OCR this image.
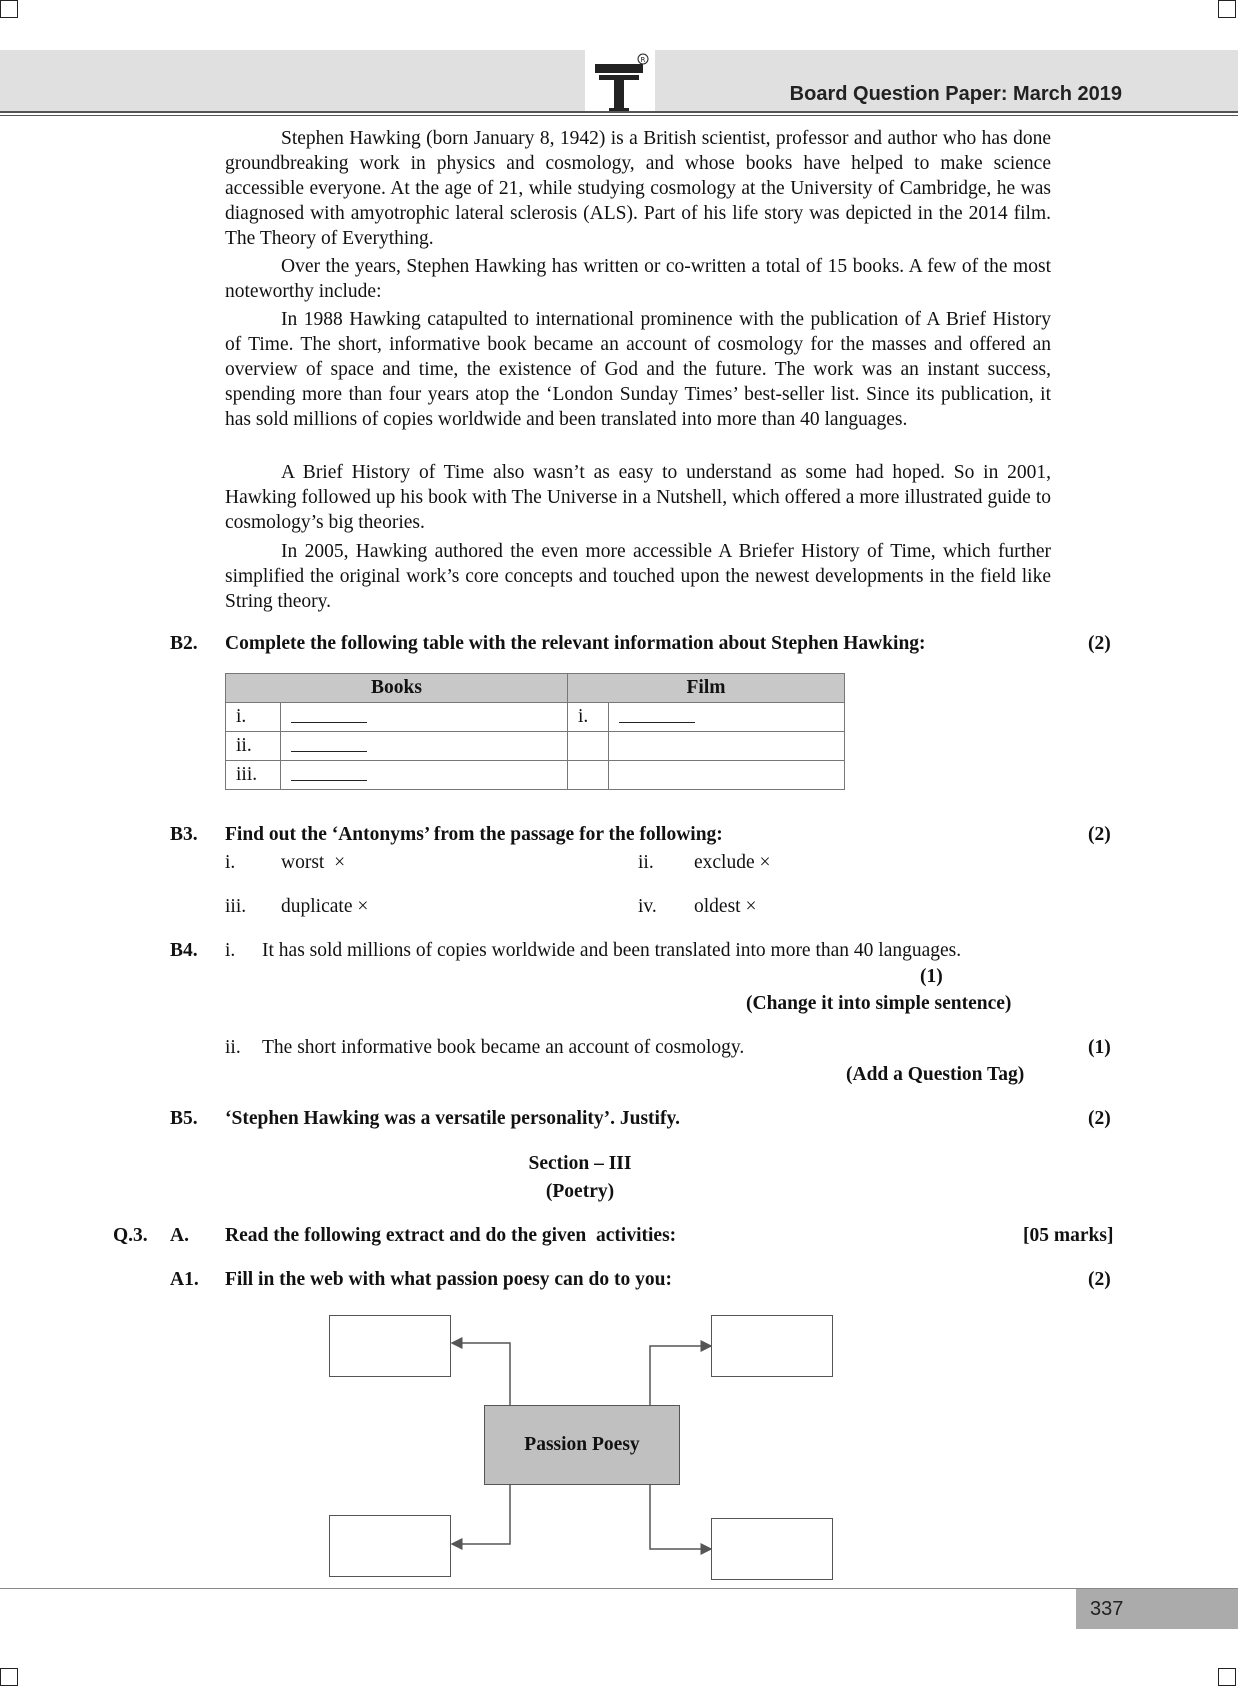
R
Board Question Paper: March 2019

Stephen Hawking (born January 8, 1942) is a British scientist, professor and author who has done groundbreaking work in physics and cosmology, and whose books have helped to make science accessible everyone. At the age of 21, while studying cosmology at the University of Cambridge, he was diagnosed with amyotrophic lateral sclerosis (ALS). Part of his life story was depicted in the 2014 film. The Theory of Everything.

Over the years, Stephen Hawking has written or co-written a total of 15 books. A few of the most noteworthy include:

In 1988 Hawking catapulted to international prominence with the publication of A Brief History of Time. The short, informative book became an account of cosmology for the masses and offered an overview of space and time, the existence of God and the future. The work was an instant success, spending more than four years atop the ‘London Sunday Times’ best-seller list. Since its publication, it has sold millions of copies worldwide and been translated into more than 40 languages.

A Brief History of Time also wasn’t as easy to understand as some had hoped. So in 2001, Hawking followed up his book with The Universe in a Nutshell, which offered a more illustrated guide to cosmology’s big theories.

In 2005, Hawking authored the even more accessible A Briefer History of Time, which further simplified the original work’s core concepts and touched upon the newest developments in the field like String theory.

B2. Complete the following table with the relevant information about Stephen Hawking:	(2)
Books		Film	
i.		i.	
ii.			
iii.			
B3. Find out the ‘Antonyms’ from the passage for the following:	(2)
i. worst  ×	ii. exclude ×
iii. duplicate ×	iv. oldest ×
B4. i. It has sold millions of copies worldwide and been translated into more than 40 languages.
(1)
(Change it into simple sentence)
ii. The short informative book became an account of cosmology.	(1)
(Add a Question Tag)
B5. ‘Stephen Hawking was a versatile personality’. Justify.	(2)
Section – III
(Poetry)
Q.3. A. Read the following extract and do the given  activities:	[05 marks]
A1. Fill in the web with what passion poesy can do to you:	(2)
Passion Poesy
337
